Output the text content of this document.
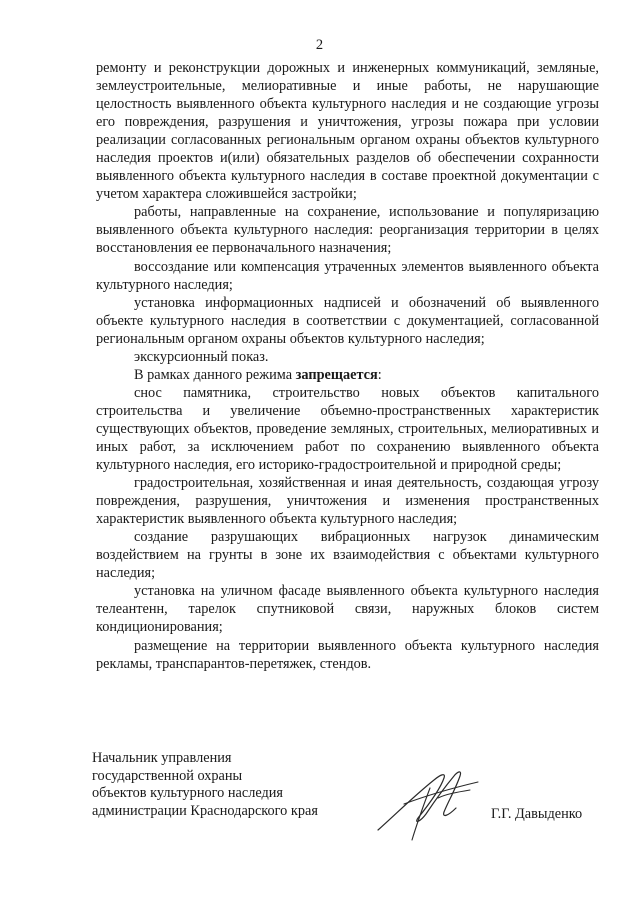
2

ремонту и реконструкции дорожных и инженерных коммуникаций, земляные, землеустроительные, мелиоративные и иные работы, не нарушающие целостность выявленного объекта культурного наследия и не создающие угрозы его повреждения, разрушения и уничтожения, угрозы пожара при условии реализации согласованных региональным органом охраны объектов культурного наследия проектов и(или) обязательных разделов об обеспечении сохранности выявленного объекта культурного наследия в составе проектной документации с учетом характера сложившейся застройки;

работы, направленные на сохранение, использование и популяризацию выявленного объекта культурного наследия: реорганизация территории в целях восстановления ее первоначального назначения;

воссоздание или компенсация утраченных элементов выявленного объекта культурного наследия;

установка информационных надписей и обозначений об выявленного объекте культурного наследия в соответствии с документацией, согласованной региональным органом охраны объектов культурного наследия;

экскурсионный показ.

В рамках данного режима запрещается:

снос памятника, строительство новых объектов капитального строительства и увеличение объемно-пространственных характеристик существующих объектов, проведение земляных, строительных, мелиоративных и иных работ, за исключением работ по сохранению выявленного объекта культурного наследия, его историко-градостроительной и природной среды;

градостроительная, хозяйственная и иная деятельность, создающая угрозу повреждения, разрушения, уничтожения и изменения пространственных характеристик выявленного объекта культурного наследия;

создание разрушающих вибрационных нагрузок динамическим воздействием на грунты в зоне их взаимодействия с объектами культурного наследия;

установка на уличном фасаде выявленного объекта культурного наследия телеантенн, тарелок спутниковой связи, наружных блоков систем кондиционирования;

размещение на территории выявленного объекта культурного наследия рекламы, транспарантов-перетяжек, стендов.

Начальник управления
государственной охраны
объектов культурного наследия
администрации Краснодарского края	Г.Г. Давыденко
